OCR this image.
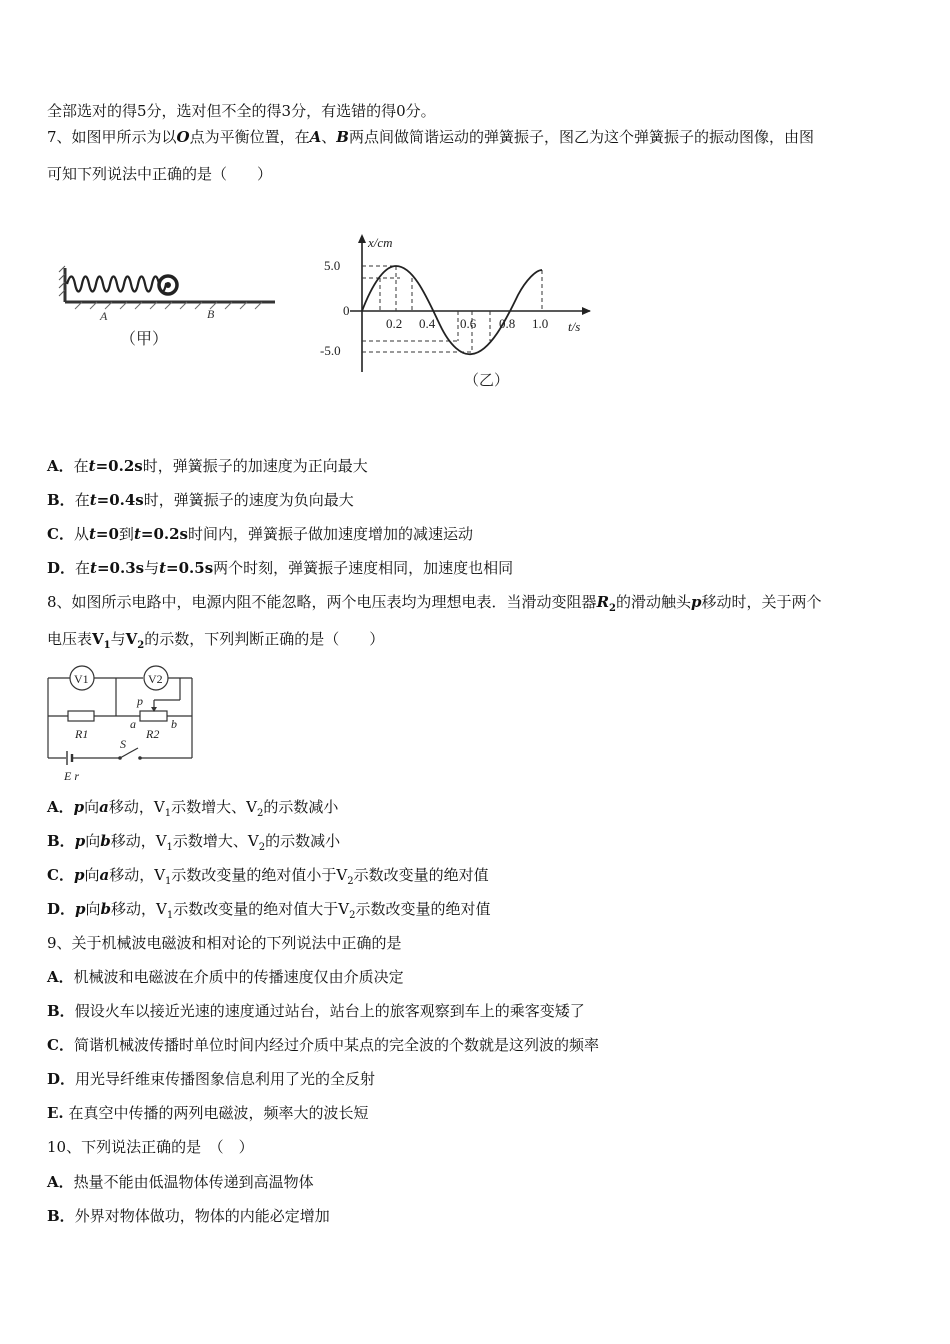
全部选对的得5分，选对但不全的得3分，有选错的得0分。
7、如图甲所示为以O点为平衡位置，在A、B两点间做简谐运动的弹簧振子，图乙为这个弹簧振子的振动图像，由图
可知下列说法中正确的是（　　）
A	B
（甲）
x/cm
t/s
0
5.0
-5.0
0.2 0.4 0.6 0.8 1.0
（乙）
A．在t=0.2s时，弹簧振子的加速度为正向最大
B．在t=0.4s时，弹簧振子的速度为负向最大
C．从t=0到t=0.2s时间内，弹簧振子做加速度增加的减速运动
D．在t=0.3s与t=0.5s两个时刻，弹簧振子速度相同，加速度也相同
8、如图所示电路中，电源内阻不能忽略，两个电压表均为理想电表．当滑动变阻器$R_2$的滑动触头p移动时，关于两个
电压表$V_1$与$V_2$的示数，下列判断正确的是（　　）
V1	V2
p
a	b
R1	R2
S
E r
A．p向a移动，$V_1$示数增大、$V_2$的示数减小
B．p向b移动，$V_1$示数增大、$V_2$的示数减小
C．p向a移动，$V_1$示数改变量的绝对值小于$V_2$示数改变量的绝对值
D．p向b移动，$V_1$示数改变量的绝对值大于$V_2$示数改变量的绝对值
9、关于机械波电磁波和相对论的下列说法中正确的是
A．机械波和电磁波在介质中的传播速度仅由介质决定
B．假设火车以接近光速的速度通过站台，站台上的旅客观察到车上的乘客变矮了
C．简谐机械波传播时单位时间内经过介质中某点的完全波的个数就是这列波的频率
D．用光导纤维束传播图象信息利用了光的全反射
E. 在真空中传播的两列电磁波，频率大的波长短
10、下列说法正确的是　（　）
A．热量不能由低温物体传递到高温物体
B．外界对物体做功，物体的内能必定增加
